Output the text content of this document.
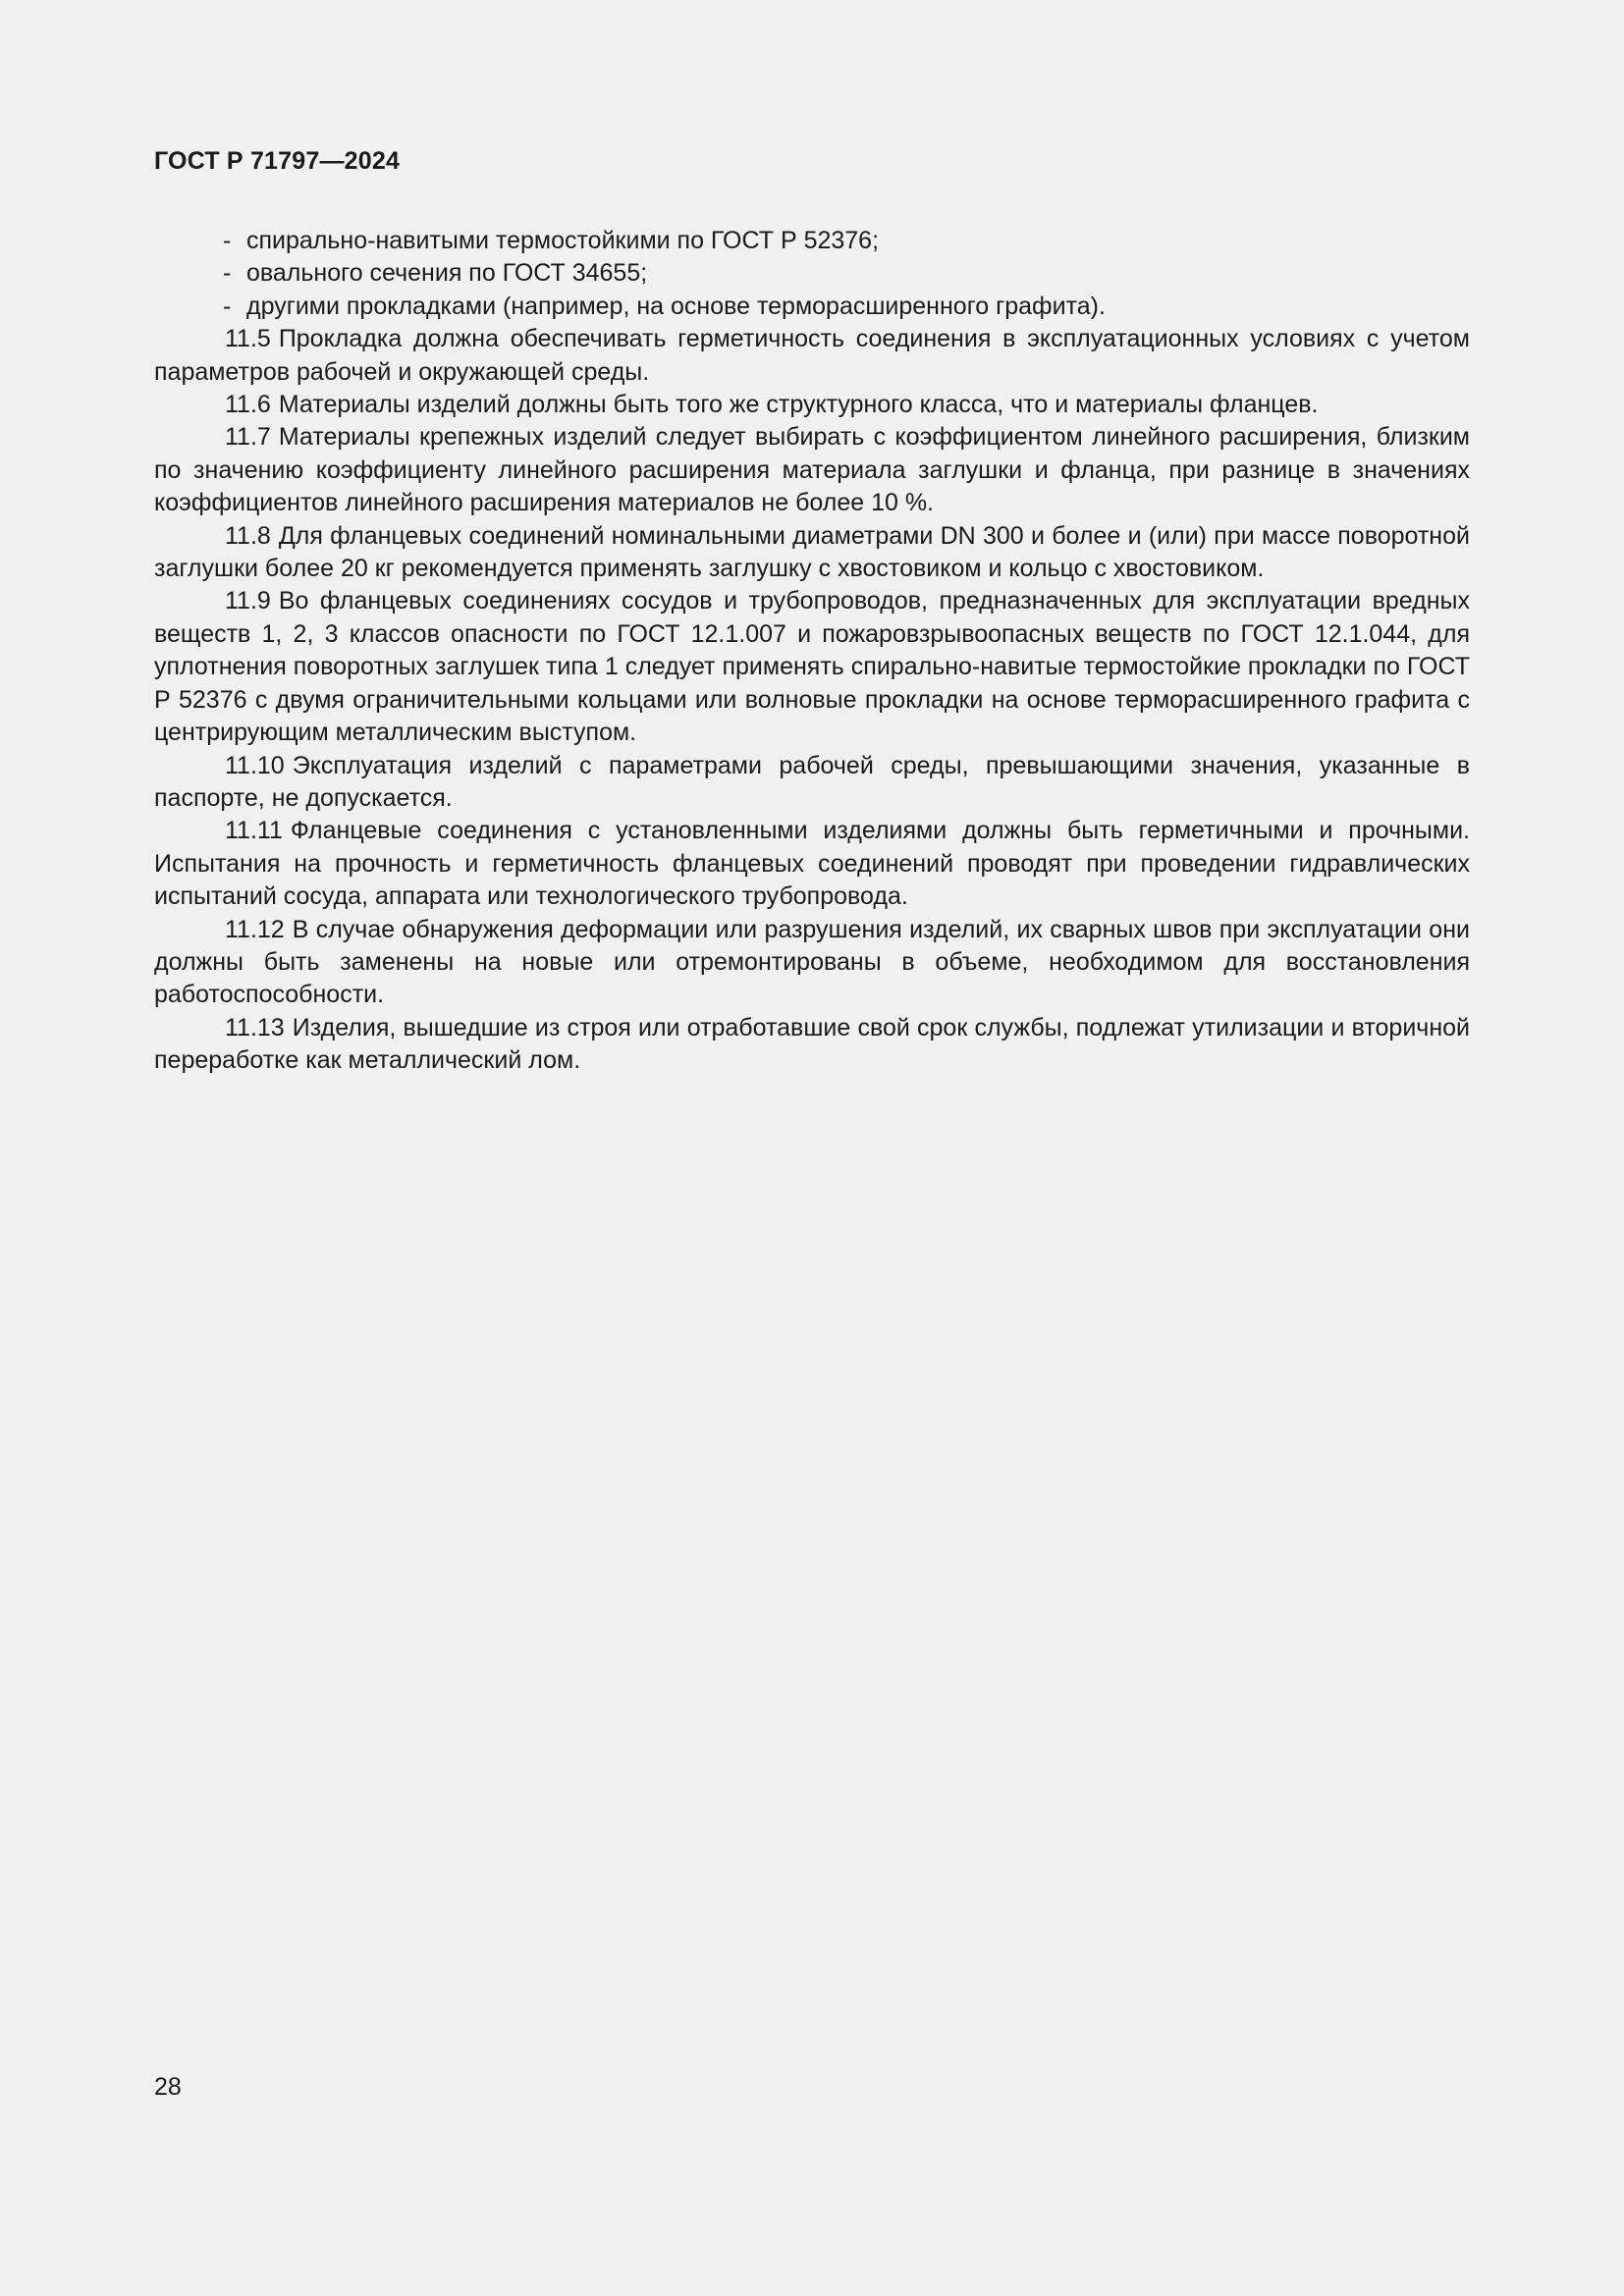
ГОСТ Р 71797—2024

- спирально-навитыми термостойкими по ГОСТ Р 52376;

- овального сечения по ГОСТ 34655;

- другими прокладками (например, на основе терморасширенного графита).

11.5 Прокладка должна обеспечивать герметичность соединения в эксплуатационных условиях с учетом параметров рабочей и окружающей среды.

11.6 Материалы изделий должны быть того же структурного класса, что и материалы фланцев.

11.7 Материалы крепежных изделий следует выбирать с коэффициентом линейного расширения, близким по значению коэффициенту линейного расширения материала заглушки и фланца, при разнице в значениях коэффициентов линейного расширения материалов не более 10 %.

11.8 Для фланцевых соединений номинальными диаметрами DN 300 и более и (или) при массе поворотной заглушки более 20 кг рекомендуется применять заглушку с хвостовиком и кольцо с хвостовиком.

11.9 Во фланцевых соединениях сосудов и трубопроводов, предназначенных для эксплуатации вредных веществ 1, 2, 3 классов опасности по ГОСТ 12.1.007 и пожаровзрывоопасных веществ по ГОСТ 12.1.044, для уплотнения поворотных заглушек типа 1 следует применять спирально-навитые термостойкие прокладки по ГОСТ Р 52376 с двумя ограничительными кольцами или волновые прокладки на основе терморасширенного графита с центрирующим металлическим выступом.

11.10 Эксплуатация изделий с параметрами рабочей среды, превышающими значения, указанные в паспорте, не допускается.

11.11 Фланцевые соединения с установленными изделиями должны быть герметичными и прочными. Испытания на прочность и герметичность фланцевых соединений проводят при проведении гидравлических испытаний сосуда, аппарата или технологического трубопровода.

11.12 В случае обнаружения деформации или разрушения изделий, их сварных швов при эксплуатации они должны быть заменены на новые или отремонтированы в объеме, необходимом для восстановления работоспособности.

11.13 Изделия, вышедшие из строя или отработавшие свой срок службы, подлежат утилизации и вторичной переработке как металлический лом.

28
